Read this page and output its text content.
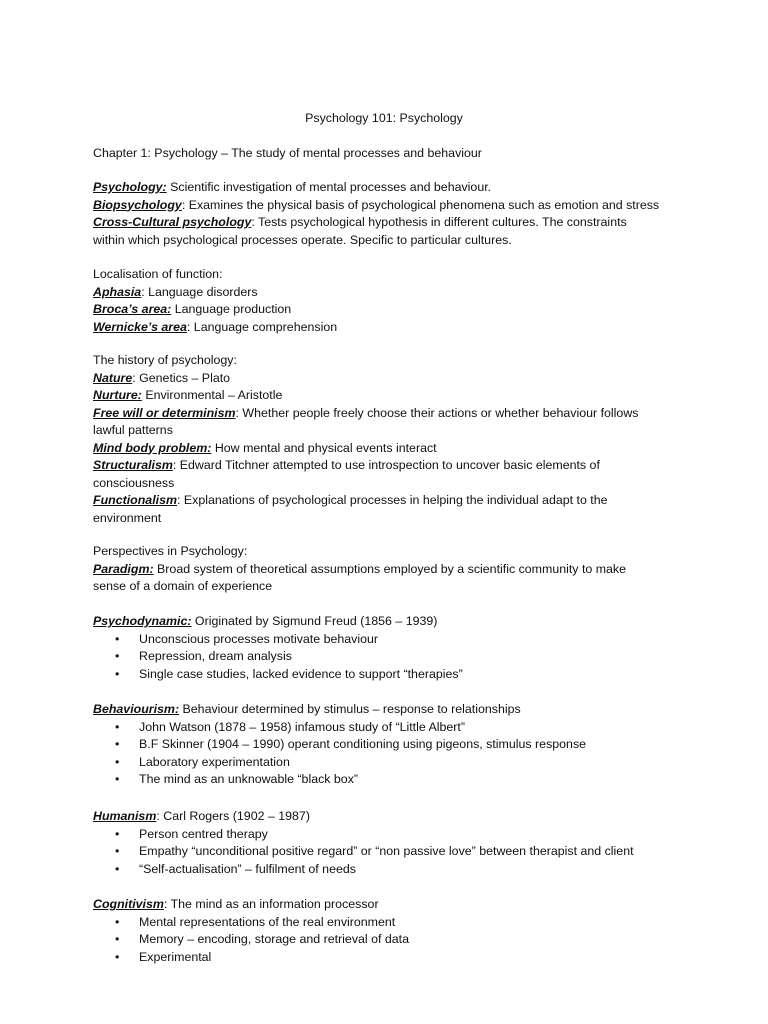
Psychology 101: Psychology
Chapter 1: Psychology – The study of mental processes and behaviour
Psychology: Scientific investigation of mental processes and behaviour.
Biopsychology: Examines the physical basis of psychological phenomena such as emotion and stress
Cross-Cultural psychology: Tests psychological hypothesis in different cultures. The constraints
within which psychological processes operate. Specific to particular cultures.
Localisation of function:
Aphasia: Language disorders
Broca’s area: Language production
Wernicke’s area: Language comprehension
The history of psychology:
Nature: Genetics – Plato
Nurture: Environmental – Aristotle
Free will or determinism: Whether people freely choose their actions or whether behaviour follows
lawful patterns
Mind body problem: How mental and physical events interact
Structuralism: Edward Titchner attempted to use introspection to uncover basic elements of
consciousness
Functionalism: Explanations of psychological processes in helping the individual adapt to the
environment
Perspectives in Psychology:
Paradigm: Broad system of theoretical assumptions employed by a scientific community to make
sense of a domain of experience
Psychodynamic: Originated by Sigmund Freud (1856 – 1939)
• Unconscious processes motivate behaviour
• Repression, dream analysis
• Single case studies, lacked evidence to support “therapies”
Behaviourism: Behaviour determined by stimulus – response to relationships
• John Watson (1878 – 1958) infamous study of “Little Albert”
• B.F Skinner (1904 – 1990) operant conditioning using pigeons, stimulus response
• Laboratory experimentation
• The mind as an unknowable “black box”
Humanism: Carl Rogers (1902 – 1987)
• Person centred therapy
• Empathy “unconditional positive regard” or “non passive love” between therapist and client
• “Self-actualisation” – fulfilment of needs
Cognitivism: The mind as an information processor
• Mental representations of the real environment
• Memory – encoding, storage and retrieval of data
• Experimental
